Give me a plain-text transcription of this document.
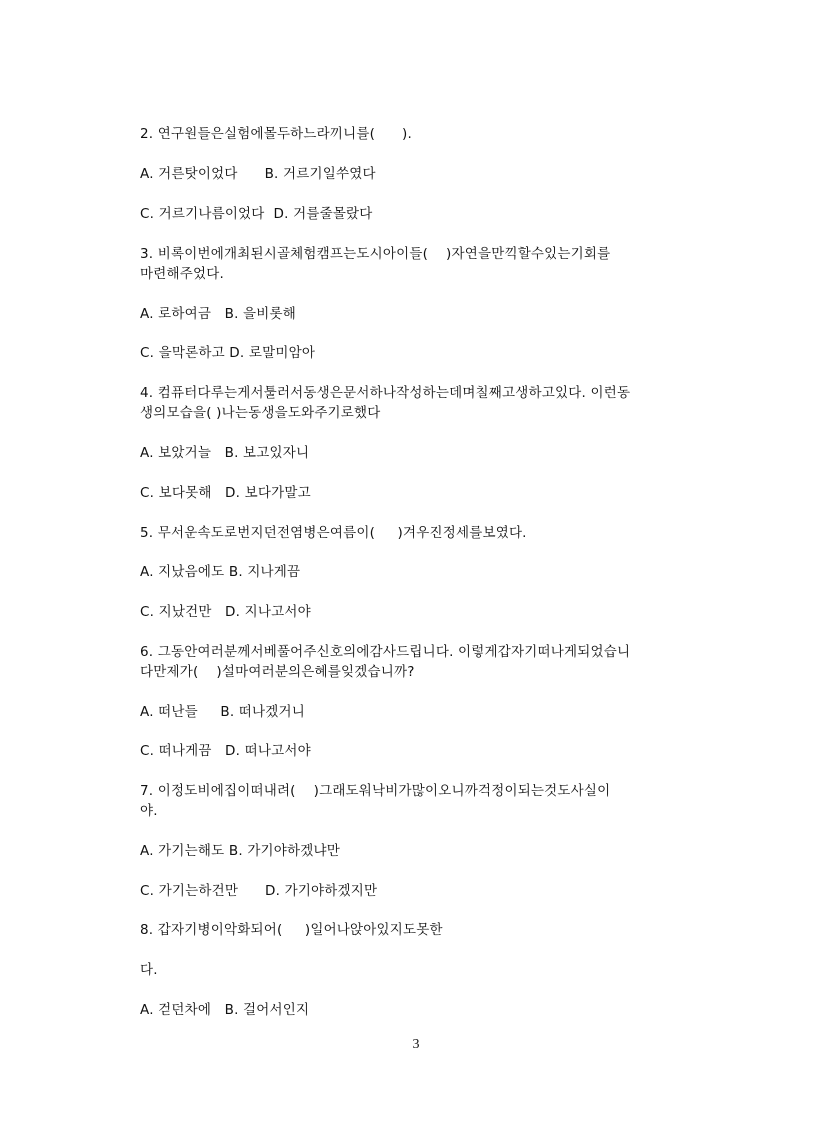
2. 연구원들은실험에몰두하느라끼니를(      ).
A. 거른탓이었다      B. 거르기일쑤였다
C. 거르기나름이었다  D. 거를줄몰랐다
3. 비록이번에개최된시골체험캠프는도시아이들(    )자연을만끽할수있는기회를
마련해주었다.
A. 로하여금   B. 을비롯해
C. 을막론하고 D. 로말미암아
4. 컴퓨터다루는게서툴러서동생은문서하나작성하는데며칠째고생하고있다. 이런동
생의모습을( )나는동생을도와주기로했다
A. 보았거늘   B. 보고있자니
C. 보다못해   D. 보다가말고
5. 무서운속도로번지던전염병은여름이(     )겨우진정세를보였다.
A. 지났음에도 B. 지나게끔
C. 지났건만   D. 지나고서야
6. 그동안여러분께서베풀어주신호의에감사드립니다. 이렇게갑자기떠나게되었습니
다만제가(    )설마여러분의은혜를잊겠습니까?
A. 떠난들     B. 떠나겠거니
C. 떠나게끔   D. 떠나고서야
7. 이정도비에집이떠내려(    )그래도워낙비가많이오니까걱정이되는것도사실이
야.
A. 가기는해도 B. 가기야하겠냐만
C. 가기는하건만      D. 가기야하겠지만
8. 갑자기병이악화되어(     )일어나앉아있지도못한
다.
A. 걷던차에   B. 걸어서인지
3
